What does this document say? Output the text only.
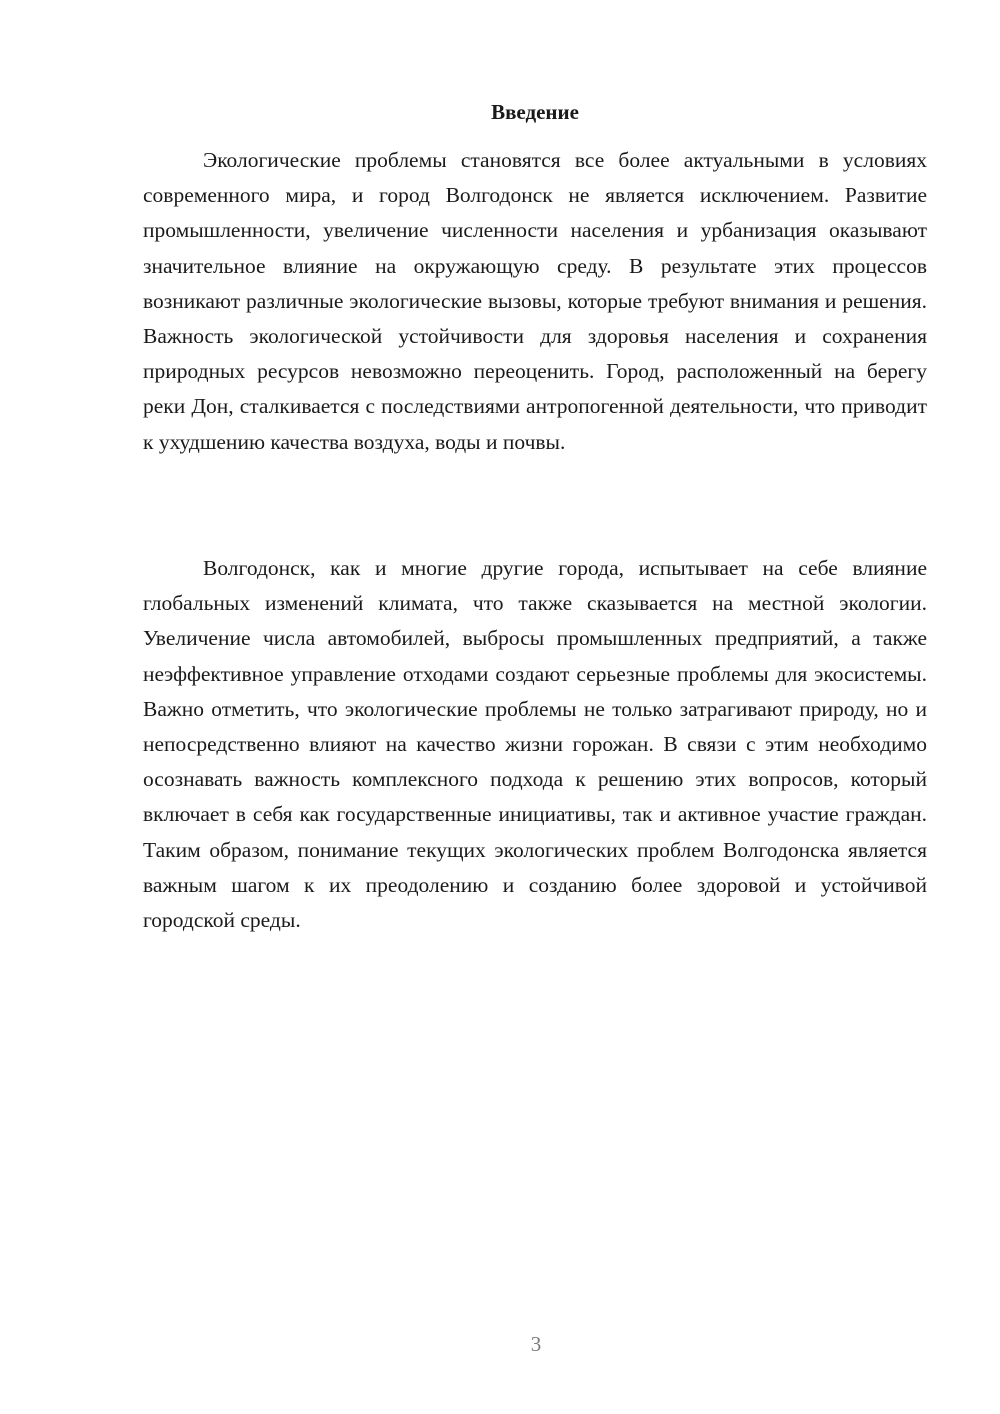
Введение

Экологические проблемы становятся все более актуальными в условиях современного мира, и город Волгодонск не является исключением. Развитие промышленности, увеличение численности населения и урбанизация оказывают значительное влияние на окружающую среду. В результате этих процессов возникают различные экологические вызовы, которые требуют внимания и решения. Важность экологической устойчивости для здоровья населения и сохранения природных ресурсов невозможно переоценить. Город, расположенный на берегу реки Дон, сталкивается с последствиями антропогенной деятельности, что приводит к ухудшению качества воздуха, воды и почвы.

Волгодонск, как и многие другие города, испытывает на себе влияние глобальных изменений климата, что также сказывается на местной экологии. Увеличение числа автомобилей, выбросы промышленных предприятий, а также неэффективное управление отходами создают серьезные проблемы для экосистемы. Важно отметить, что экологические проблемы не только затрагивают природу, но и непосредственно влияют на качество жизни горожан. В связи с этим необходимо осознавать важность комплексного подхода к решению этих вопросов, который включает в себя как государственные инициативы, так и активное участие граждан. Таким образом, понимание текущих экологических проблем Волгодонска является важным шагом к их преодолению и созданию более здоровой и устойчивой городской среды.

3
